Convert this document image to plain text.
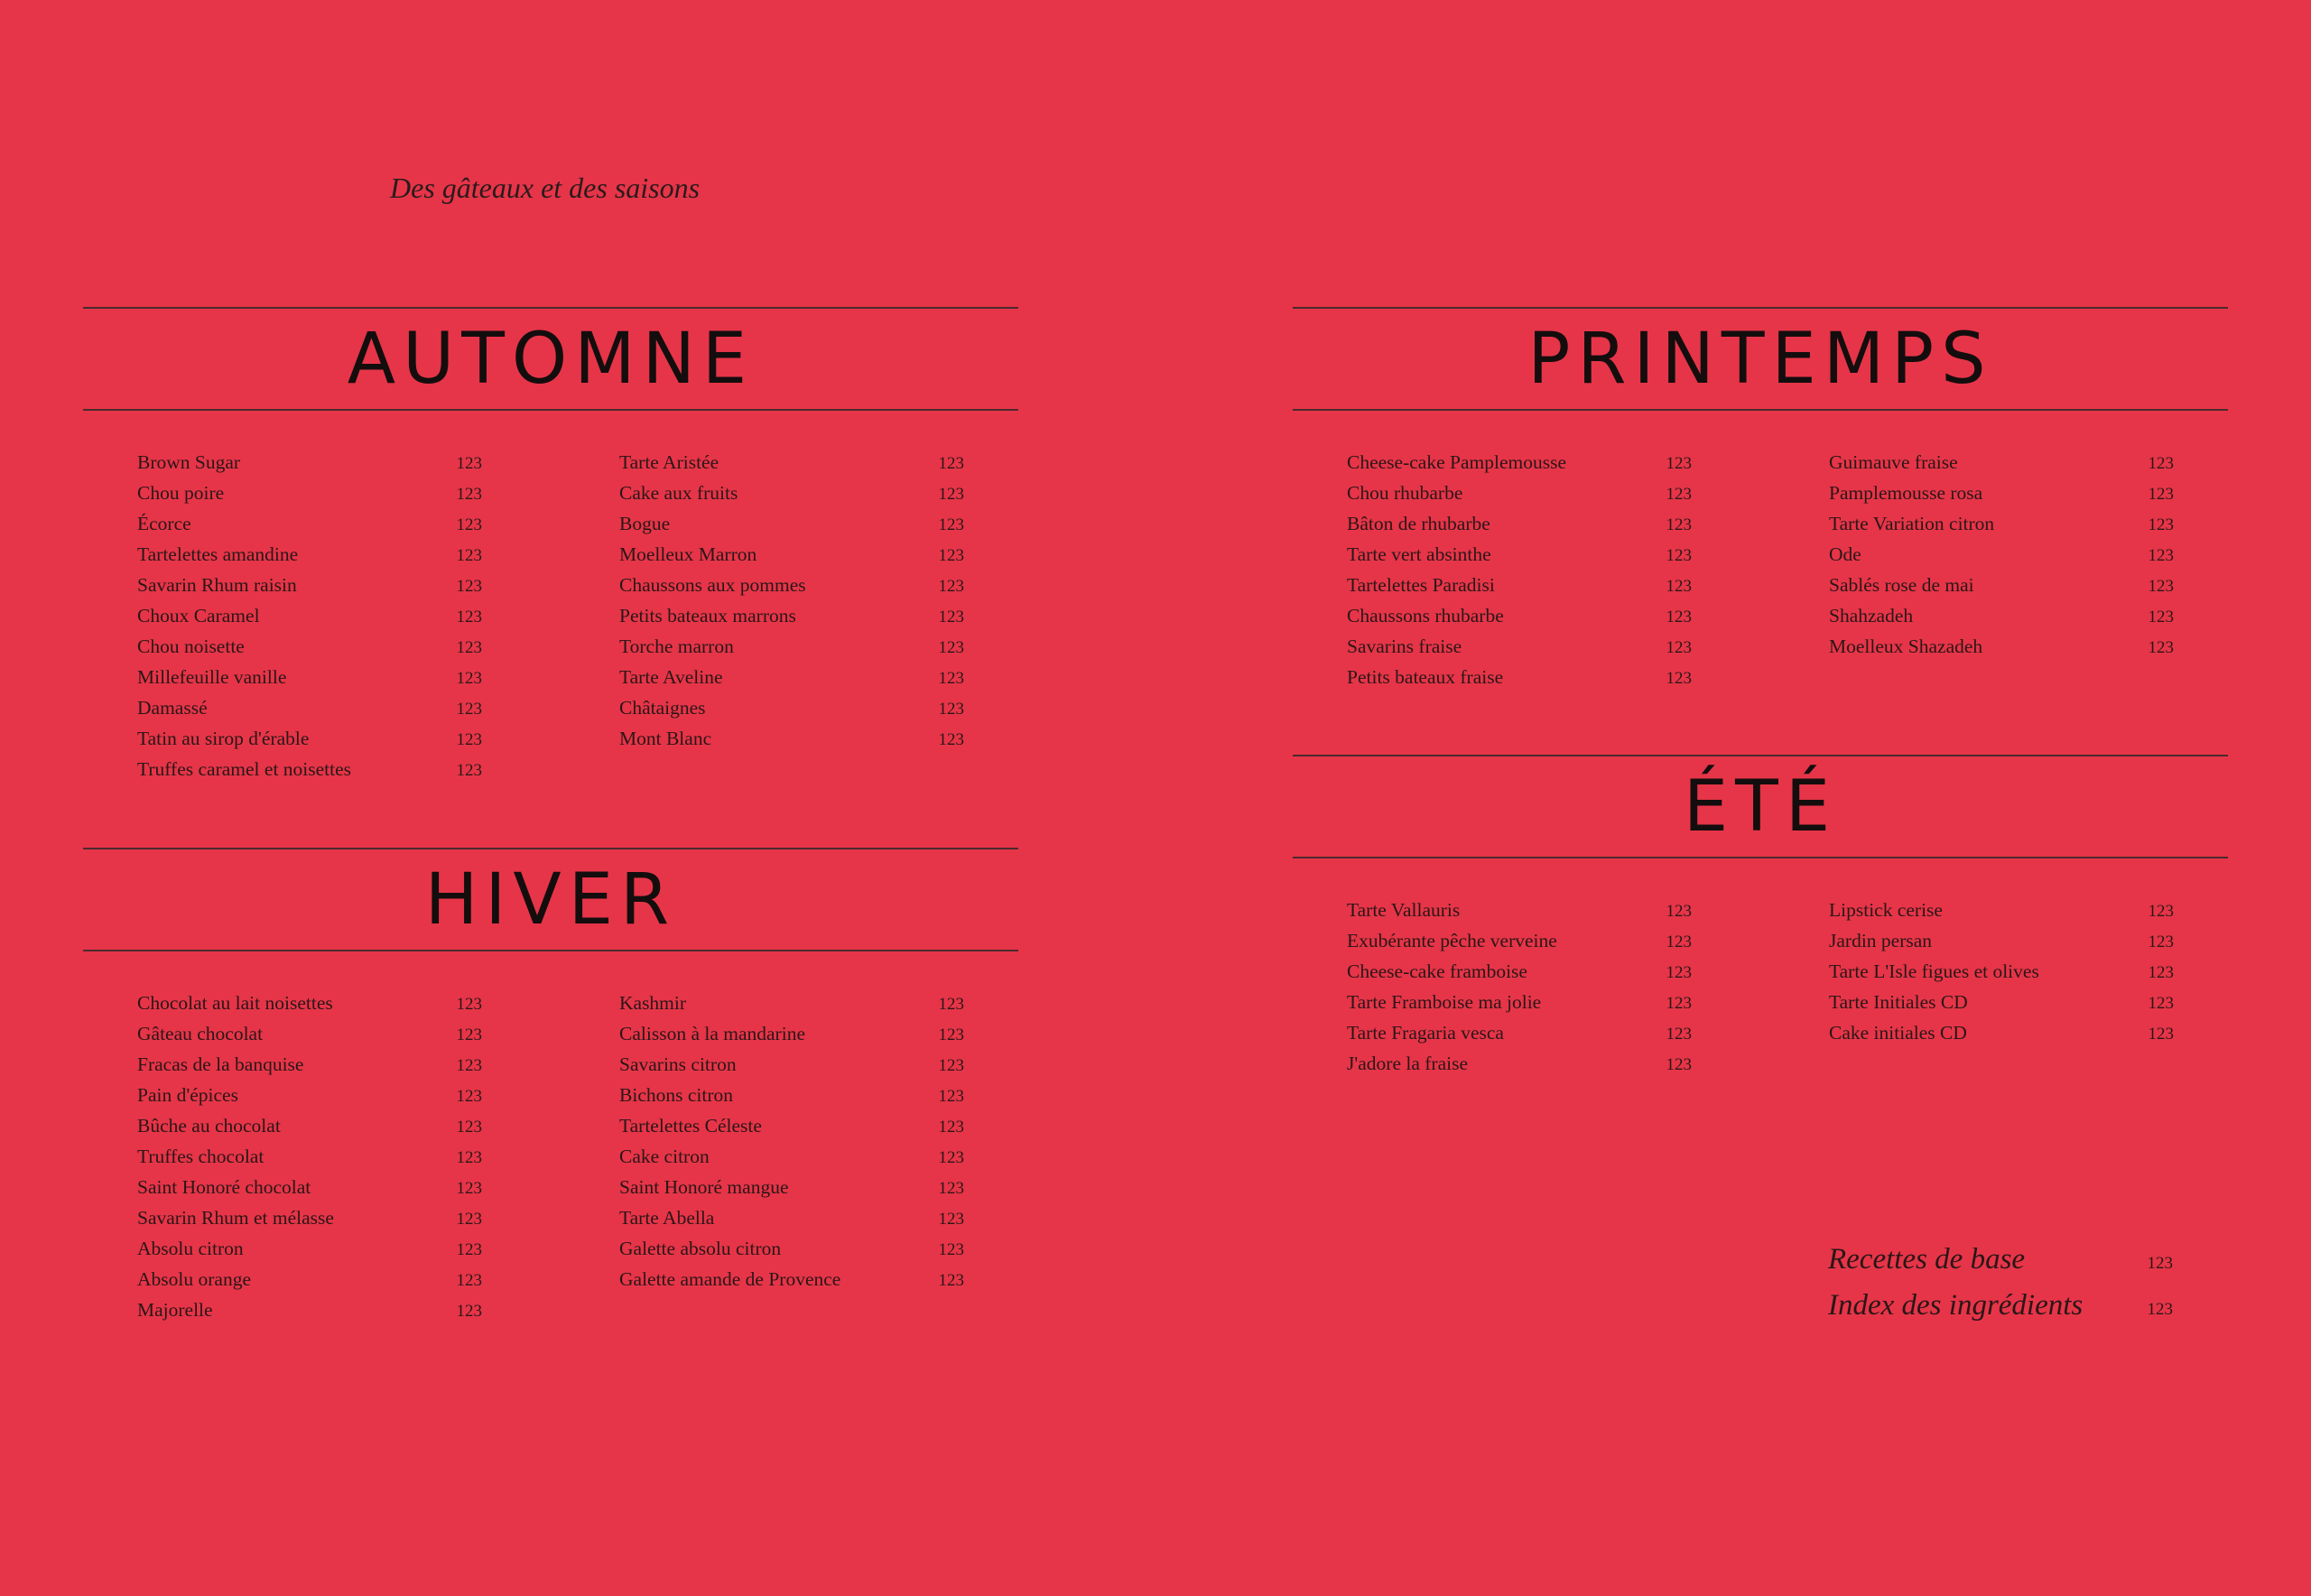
Des gâteaux et des saisons
AUTOMNE
Brown Sugar	123
Chou poire	123
Écorce	123
Tartelettes amandine	123
Savarin Rhum raisin	123
Choux Caramel	123
Chou noisette	123
Millefeuille vanille	123
Damassé	123
Tatin au sirop d'érable	123
Truffes caramel et noisettes	123
Tarte Aristée	123
Cake aux fruits	123
Bogue	123
Moelleux Marron	123
Chaussons aux pommes	123
Petits bateaux marrons	123
Torche marron	123
Tarte Aveline	123
Châtaignes	123
Mont Blanc	123
HIVER
Chocolat au lait noisettes	123
Gâteau chocolat	123
Fracas de la banquise	123
Pain d'épices	123
Bûche au chocolat	123
Truffes chocolat	123
Saint Honoré chocolat	123
Savarin Rhum et mélasse	123
Absolu citron	123
Absolu orange	123
Majorelle	123
Kashmir	123
Calisson à la mandarine	123
Savarins citron	123
Bichons citron	123
Tartelettes Céleste	123
Cake citron	123
Saint Honoré mangue	123
Tarte Abella	123
Galette absolu citron	123
Galette amande de Provence	123
PRINTEMPS
Cheese-cake Pamplemousse	123
Chou rhubarbe	123
Bâton de rhubarbe	123
Tarte vert absinthe	123
Tartelettes Paradisi	123
Chaussons rhubarbe	123
Savarins fraise	123
Petits bateaux fraise	123
Guimauve fraise	123
Pamplemousse rosa	123
Tarte Variation citron	123
Ode	123
Sablés rose de mai	123
Shahzadeh	123
Moelleux Shazadeh	123
ÉTÉ
Tarte Vallauris	123
Exubérante pêche verveine	123
Cheese-cake framboise	123
Tarte Framboise ma jolie	123
Tarte Fragaria vesca	123
J'adore la fraise	123
Lipstick cerise	123
Jardin persan	123
Tarte L'Isle figues et olives	123
Tarte Initiales CD	123
Cake initiales CD	123
Recettes de base	123
Index des ingrédients	123
